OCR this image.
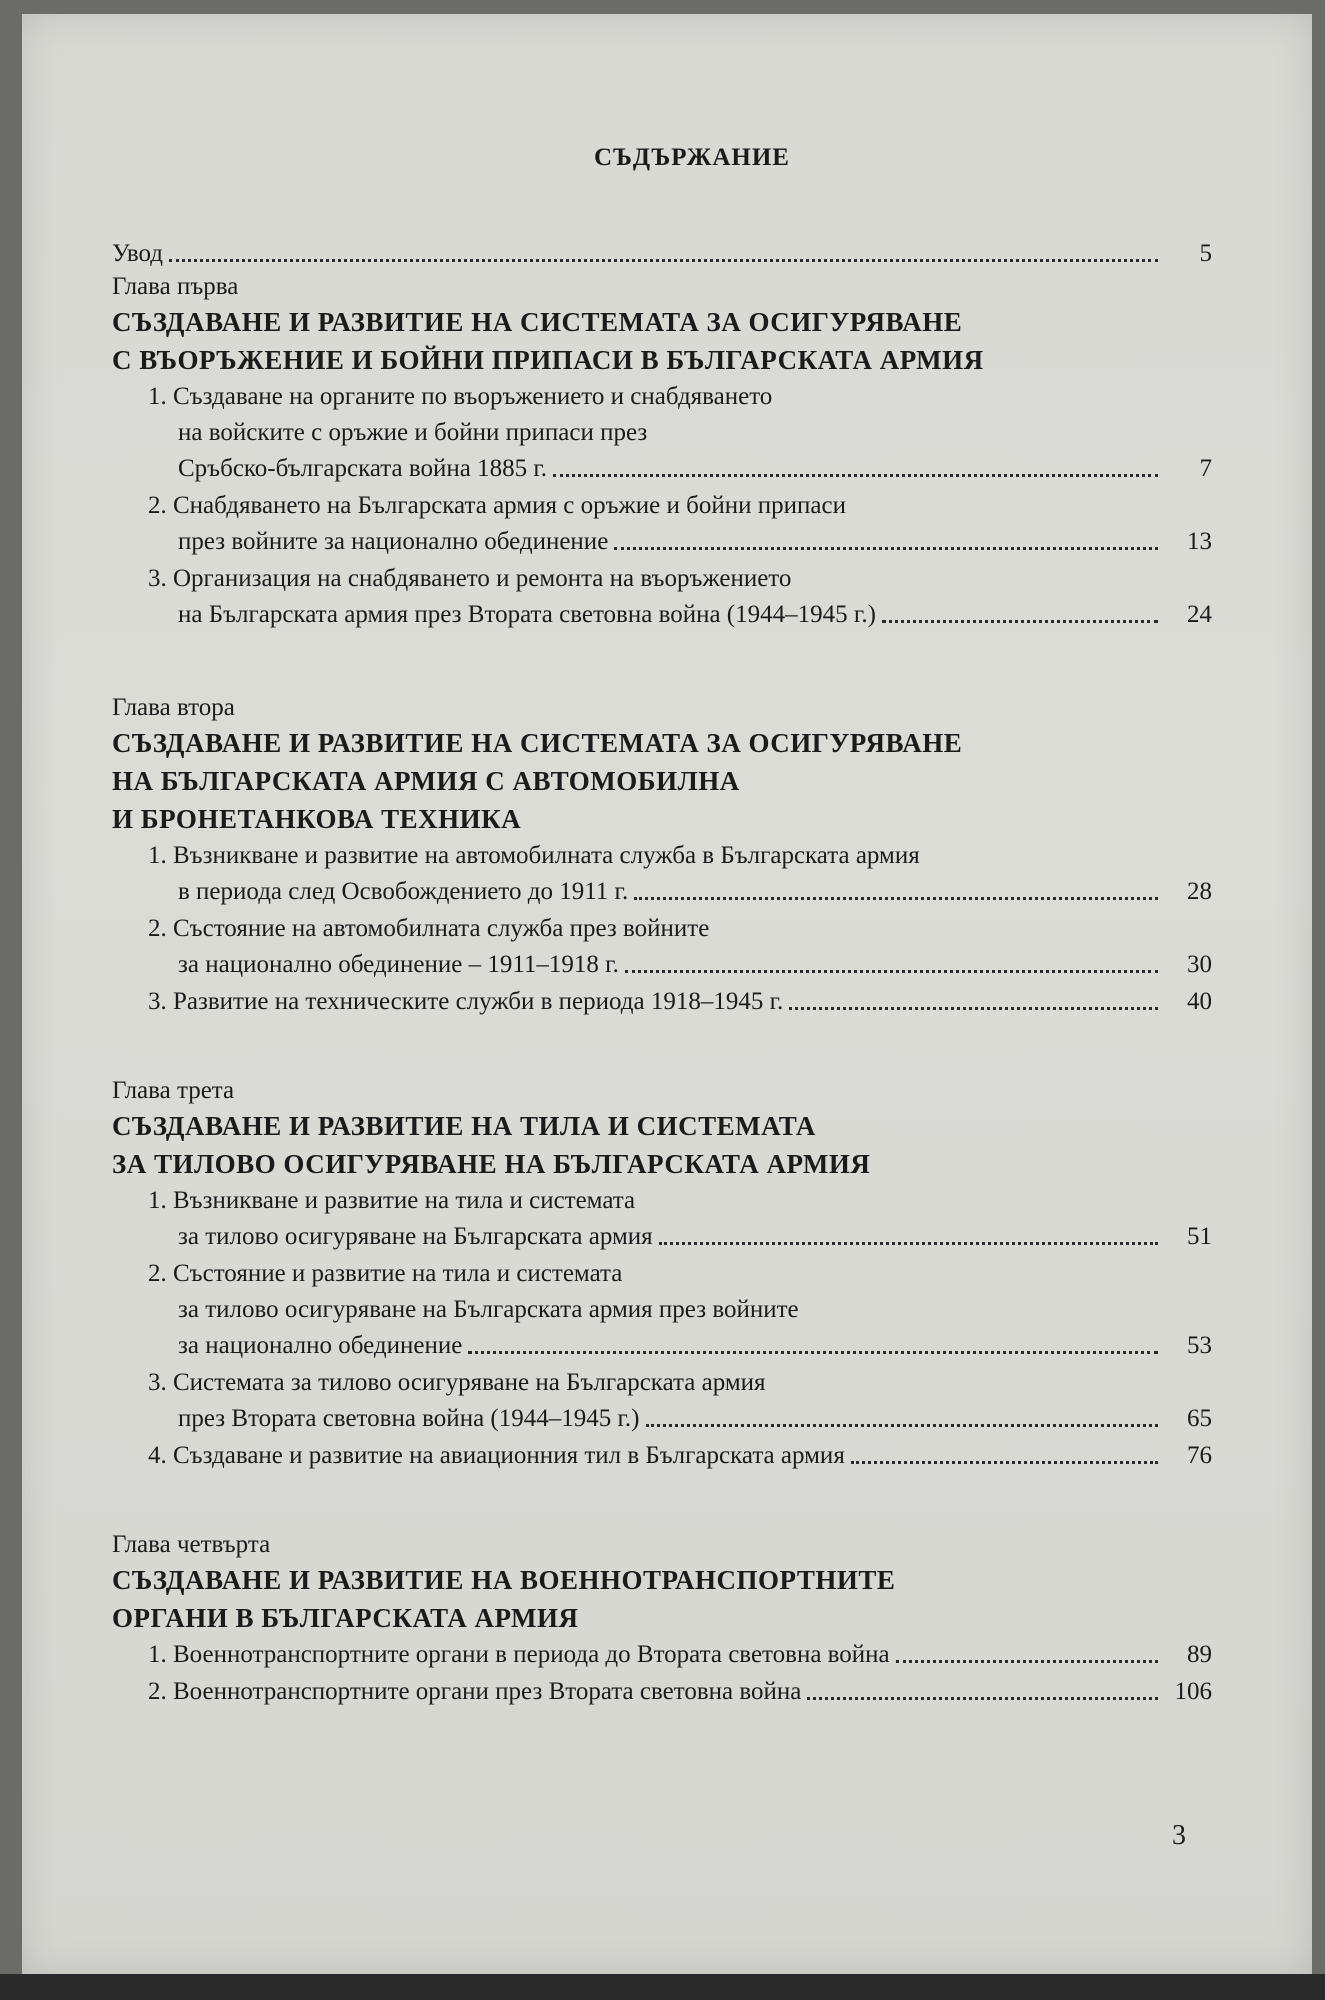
СЪДЪРЖАНИЕ
Увод	5
Глава първа
СЪЗДАВАНЕ И РАЗВИТИЕ НА СИСТЕМАТА ЗА ОСИГУРЯВАНЕ
С ВЪОРЪЖЕНИЕ И БОЙНИ ПРИПАСИ В БЪЛГАРСКАТА АРМИЯ
1. Създаване на органите по въоръжението и снабдяването
на войските с оръжие и бойни припаси през
Сръбско-българската война 1885 г.	7
2. Снабдяването на Българската армия с оръжие и бойни припаси
през войните за национално обединение	13
3. Организация на снабдяването и ремонта на въоръжението
на Българската армия през Втората световна война (1944–1945 г.)	24
Глава втора
СЪЗДАВАНЕ И РАЗВИТИЕ НА СИСТЕМАТА ЗА ОСИГУРЯВАНЕ
НА БЪЛГАРСКАТА АРМИЯ С АВТОМОБИЛНА
И БРОНЕТАНКОВА ТЕХНИКА
1. Възникване и развитие на автомобилната служба в Българската армия
в периода след Освобождението до 1911 г.	28
2. Състояние на автомобилната служба през войните
за национално обединение – 1911–1918 г.	30
3. Развитие на техническите служби в периода 1918–1945 г.	40
Глава трета
СЪЗДАВАНЕ И РАЗВИТИЕ НА ТИЛА И СИСТЕМАТА
ЗА ТИЛОВО ОСИГУРЯВАНЕ НА БЪЛГАРСКАТА АРМИЯ
1. Възникване и развитие на тила и системата
за тилово осигуряване на Българската армия	51
2. Състояние и развитие на тила и системата
за тилово осигуряване на Българската армия през войните
за национално обединение	53
3. Системата за тилово осигуряване на Българската армия
през Втората световна война (1944–1945 г.)	65
4. Създаване и развитие на авиационния тил в Българската армия	76
Глава четвърта
СЪЗДАВАНЕ И РАЗВИТИЕ НА ВОЕННОТРАНСПОРТНИТЕ
ОРГАНИ В БЪЛГАРСКАТА АРМИЯ
1. Военнотранспортните органи в периода до Втората световна война	89
2. Военнотранспортните органи през Втората световна война	106
3
